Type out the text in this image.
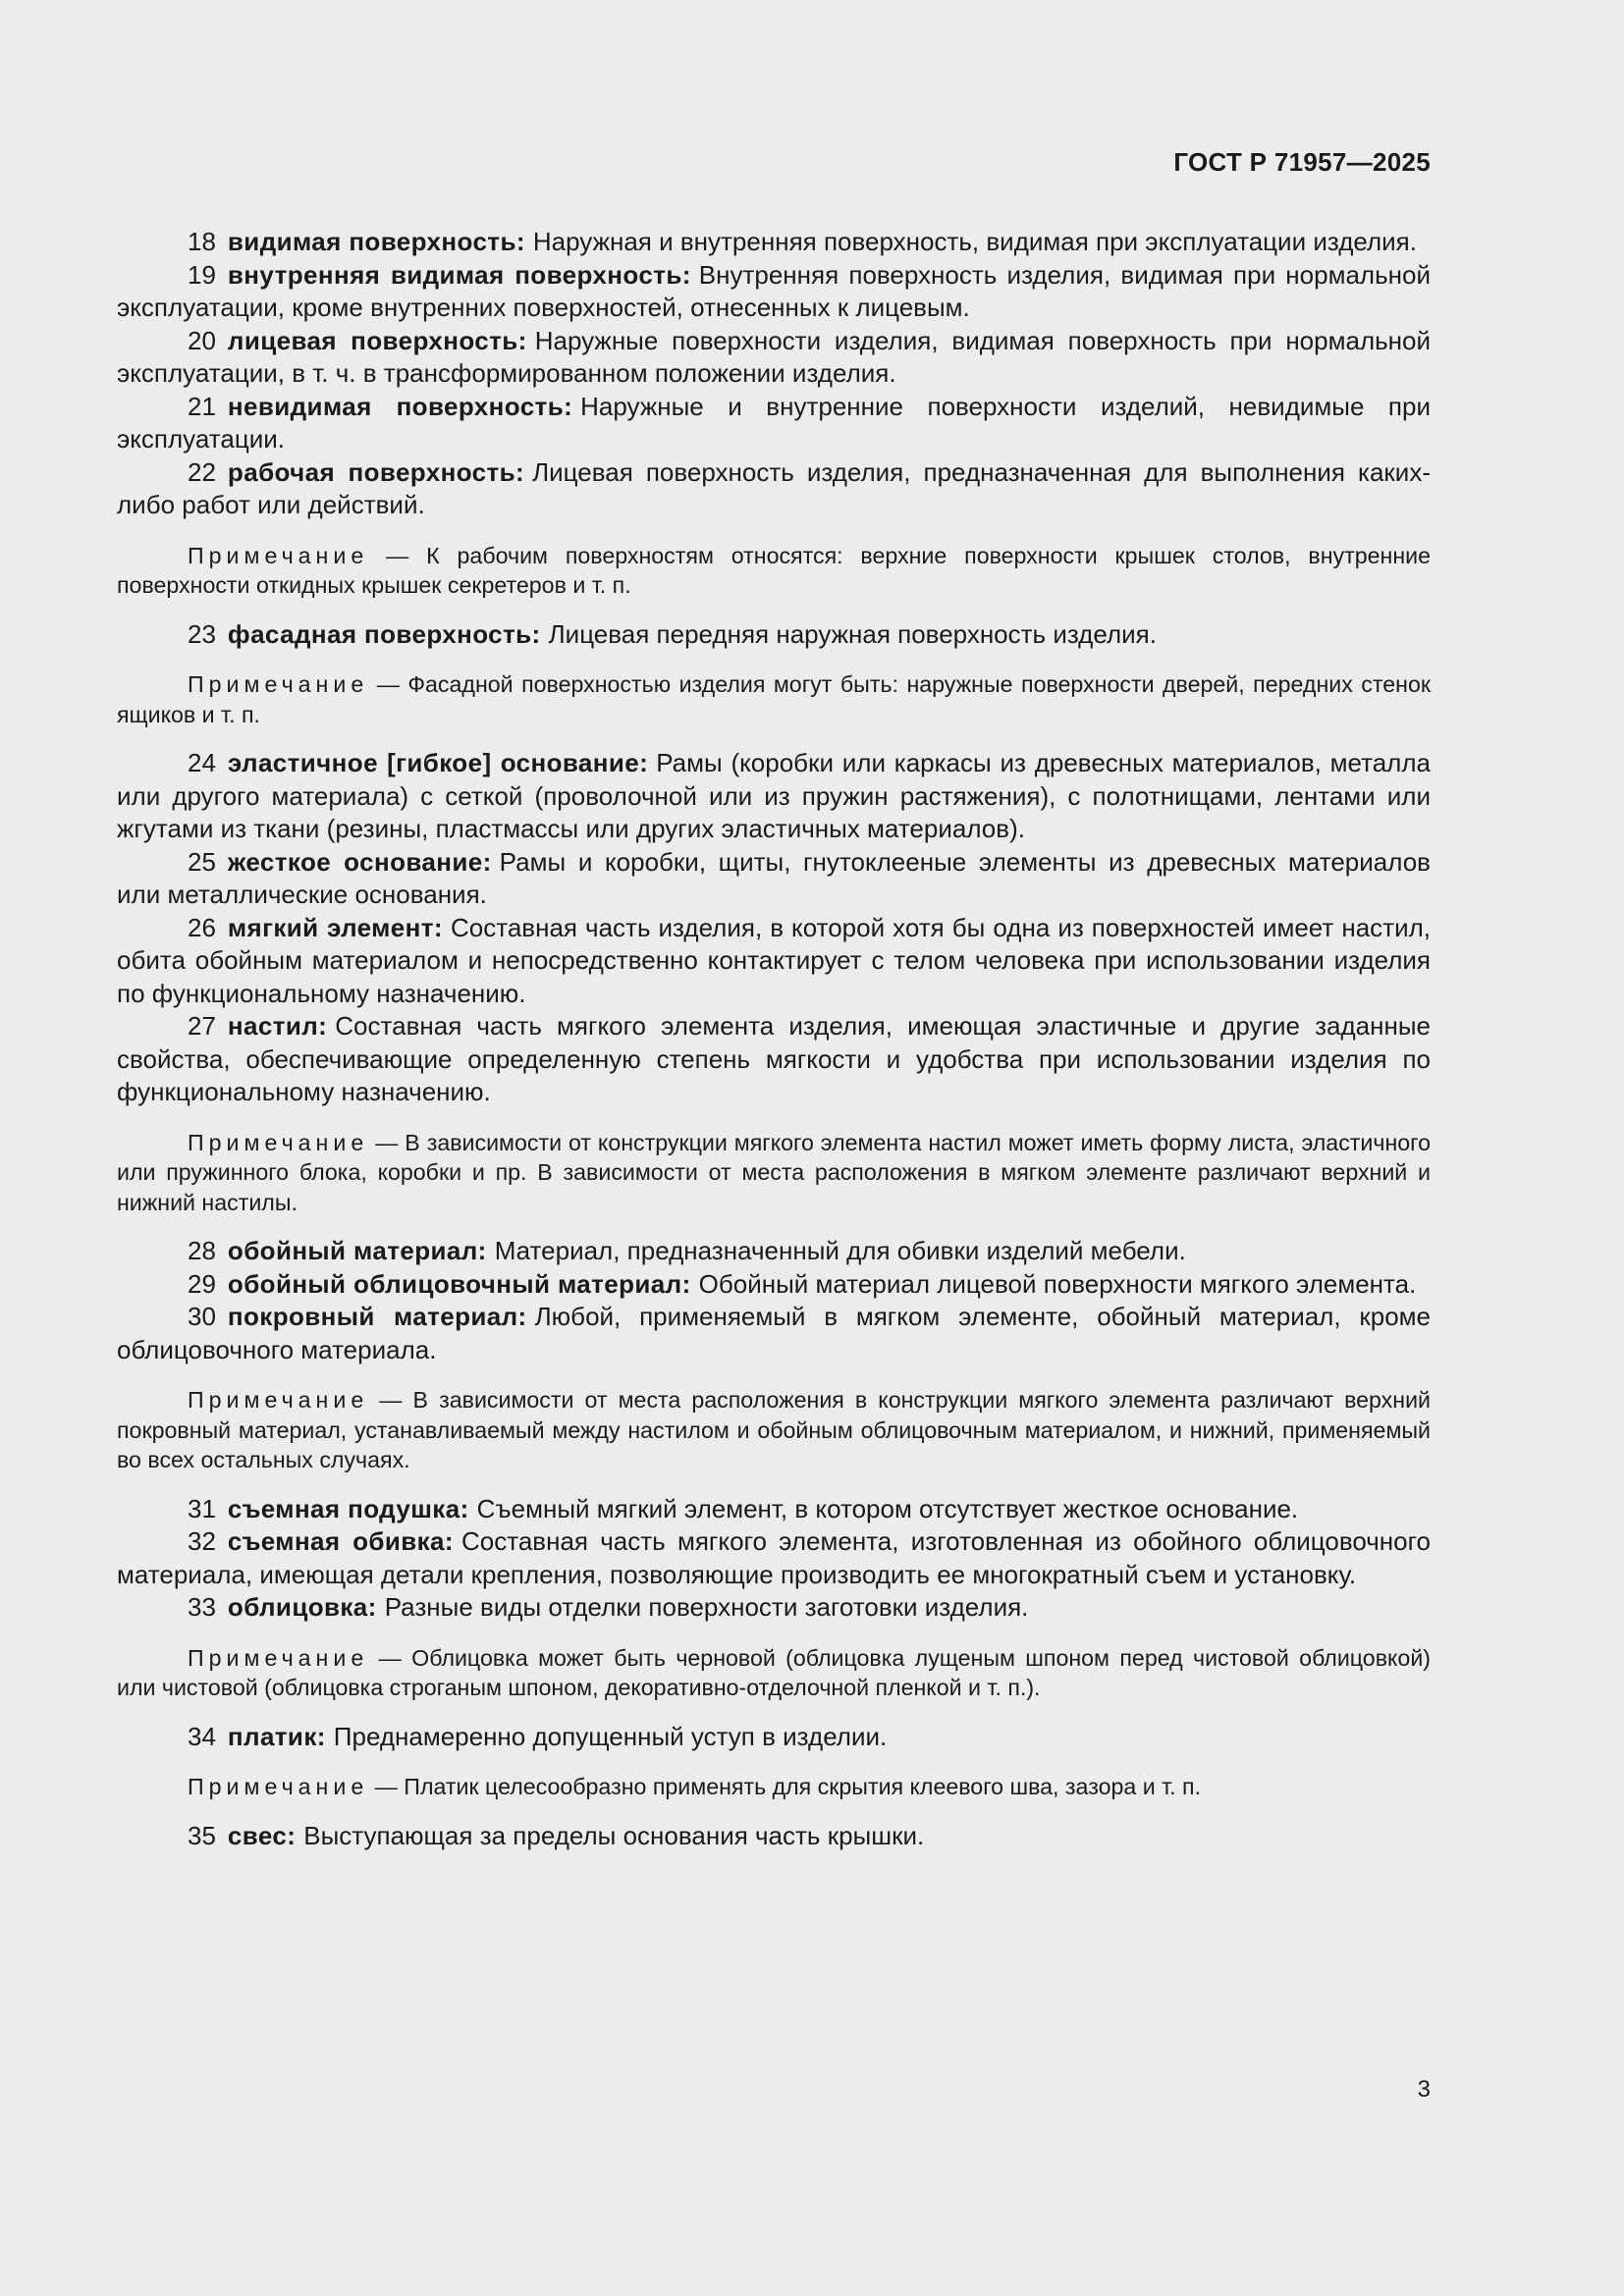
ГОСТ Р 71957—2025

18 видимая поверхность: Наружная и внутренняя поверхность, видимая при эксплуатации изделия.

19 внутренняя видимая поверхность: Внутренняя поверхность изделия, видимая при нормальной эксплуатации, кроме внутренних поверхностей, отнесенных к лицевым.

20 лицевая поверхность: Наружные поверхности изделия, видимая поверхность при нормальной эксплуатации, в т. ч. в трансформированном положении изделия.

21 невидимая поверхность: Наружные и внутренние поверхности изделий, невидимые при эксплуатации.

22 рабочая поверхность: Лицевая поверхность изделия, предназначенная для выполнения каких-либо работ или действий.

Примечание — К рабочим поверхностям относятся: верхние поверхности крышек столов, внутренние поверхности откидных крышек секретеров и т. п.

23 фасадная поверхность: Лицевая передняя наружная поверхность изделия.

Примечание — Фасадной поверхностью изделия могут быть: наружные поверхности дверей, передних стенок ящиков и т. п.

24 эластичное [гибкое] основание: Рамы (коробки или каркасы из древесных материалов, металла или другого материала) с сеткой (проволочной или из пружин растяжения), с полотнищами, лентами или жгутами из ткани (резины, пластмассы или других эластичных материалов).

25 жесткое основание: Рамы и коробки, щиты, гнутоклееные элементы из древесных материалов или металлические основания.

26 мягкий элемент: Составная часть изделия, в которой хотя бы одна из поверхностей имеет настил, обита обойным материалом и непосредственно контактирует с телом человека при использовании изделия по функциональному назначению.

27 настил: Составная часть мягкого элемента изделия, имеющая эластичные и другие заданные свойства, обеспечивающие определенную степень мягкости и удобства при использовании изделия по функциональному назначению.

Примечание — В зависимости от конструкции мягкого элемента настил может иметь форму листа, эластичного или пружинного блока, коробки и пр. В зависимости от места расположения в мягком элементе различают верхний и нижний настилы.

28 обойный материал: Материал, предназначенный для обивки изделий мебели.

29 обойный облицовочный материал: Обойный материал лицевой поверхности мягкого элемента.

30 покровный материал: Любой, применяемый в мягком элементе, обойный материал, кроме облицовочного материала.

Примечание — В зависимости от места расположения в конструкции мягкого элемента различают верхний покровный материал, устанавливаемый между настилом и обойным облицовочным материалом, и нижний, применяемый во всех остальных случаях.

31 съемная подушка: Съемный мягкий элемент, в котором отсутствует жесткое основание.

32 съемная обивка: Составная часть мягкого элемента, изготовленная из обойного облицовочного материала, имеющая детали крепления, позволяющие производить ее многократный съем и установку.

33 облицовка: Разные виды отделки поверхности заготовки изделия.

Примечание — Облицовка может быть черновой (облицовка лущеным шпоном перед чистовой облицовкой) или чистовой (облицовка строганым шпоном, декоративно-отделочной пленкой и т. п.).

34 платик: Преднамеренно допущенный уступ в изделии.

Примечание — Платик целесообразно применять для скрытия клеевого шва, зазора и т. п.

35 свес: Выступающая за пределы основания часть крышки.

3
